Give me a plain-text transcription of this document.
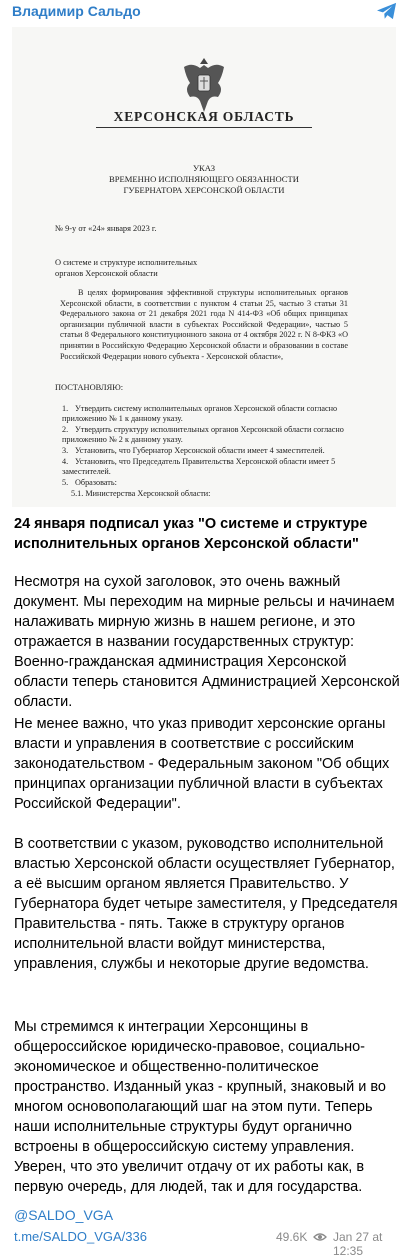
Владимир Сальдо
ХЕРСОНСКАЯ ОБЛАСТЬ
УКАЗ
ВРЕМЕННО ИСПОЛНЯЮЩЕГО ОБЯЗАННОСТИ
ГУБЕРНАТОРА ХЕРСОНСКОЙ ОБЛАСТИ
№ 9-у от «24» января 2023 г.
О системе и структуре исполнительных
органов Херсонской области
В целях формирования эффективной структуры исполнительных органов Херсонской области, в соответствии с пунктом 4 статьи 25, частью 3 статьи 31 Федерального закона от 21 декабря 2021 года N 414-ФЗ «Об общих принципах организации публичной власти в субъектах Российской Федерации», частью 5 статьи 8 Федерального конституционного закона от 4 октября 2022 г. N 8-ФКЗ «О принятии в Российскую Федерацию Херсонской области и образовании в составе Российской Федерации нового субъекта - Херсонской области»,
ПОСТАНОВЛЯЮ:
1. Утвердить систему исполнительных органов Херсонской области согласно приложению № 1 к данному указу.
2. Утвердить структуру исполнительных органов Херсонской области согласно приложению № 2 к данному указу.
3. Установить, что Губернатор Херсонской области имеет 4 заместителей.
4. Установить, что Председатель Правительства Херсонской области имеет 5 заместителей.
5. Образовать:
5.1. Министерства Херсонской области:
24 января подписал указ "О системе и структуре исполнительных органов Херсонской области"
Несмотря на сухой заголовок, это очень важный документ. Мы переходим на мирные рельсы и начинаем налаживать мирную жизнь в нашем регионе, и это отражается в названии государственных структур: Военно-гражданская администрация Херсонской области теперь становится Администрацией Херсонской области.
Не менее важно, что указ приводит херсонские органы власти и управления в соответствие с российским законодательством - Федеральным законом "Об общих принципах организации публичной власти в субъектах Российской Федерации".
В соответствии с указом, руководство исполнительной властью Херсонской области осуществляет Губернатор, а её высшим органом является Правительство. У Губернатора будет четыре заместителя, у Председателя Правительства - пять. Также в структуру органов исполнительной власти войдут министерства, управления, службы и некоторые другие ведомства.
Мы стремимся к интеграции Херсонщины в общероссийское юридическо-правовое, социально-экономическое и общественно-политическое пространство. Изданный указ - крупный, знаковый и во многом основополагающий шаг на этом пути. Теперь наши исполнительные структуры будут органично встроены в общероссийскую систему управления. Уверен, что это увеличит отдачу от их работы как, в первую очередь, для людей, так и для государства.
@SALDO_VGA
t.me/SALDO_VGA/336	49.6K Jan 27 at 12:35
